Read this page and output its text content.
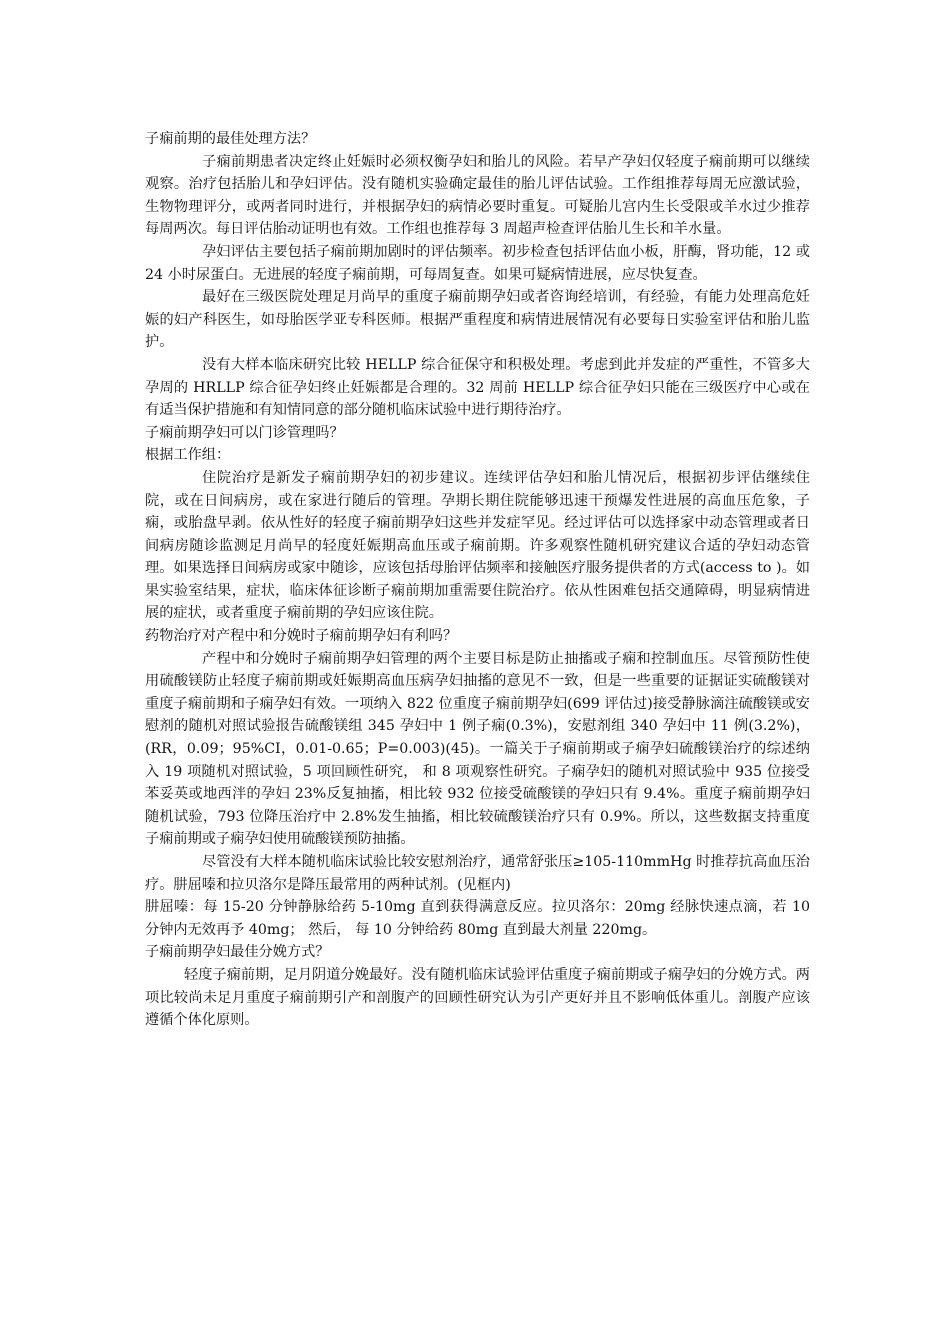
子痫前期的最佳处理方法？

子痫前期患者决定终止妊娠时必须权衡孕妇和胎儿的风险。若早产孕妇仅轻度子痫前期可以继续观察。治疗包括胎儿和孕妇评估。没有随机实验确定最佳的胎儿评估试验。工作组推荐每周无应激试验，生物物理评分，或两者同时进行，并根据孕妇的病情必要时重复。可疑胎儿宫内生长受限或羊水过少推荐每周两次。每日评估胎动证明也有效。工作组也推荐每 3 周超声检查评估胎儿生长和羊水量。

孕妇评估主要包括子痫前期加剧时的评估频率。初步检查包括评估血小板，肝酶，肾功能，12 或 24 小时尿蛋白。无进展的轻度子痫前期，可每周复查。如果可疑病情进展，应尽快复查。

最好在三级医院处理足月尚早的重度子痫前期孕妇或者咨询经培训，有经验，有能力处理高危妊娠的妇产科医生，如母胎医学亚专科医师。根据严重程度和病情进展情况有必要每日实验室评估和胎儿监护。

没有大样本临床研究比较 HELLP 综合征保守和积极处理。考虑到此并发症的严重性，不管多大孕周的 HRLLP 综合征孕妇终止妊娠都是合理的。32 周前 HELLP 综合征孕妇只能在三级医疗中心或在有适当保护措施和有知情同意的部分随机临床试验中进行期待治疗。

子痫前期孕妇可以门诊管理吗？

根据工作组：

住院治疗是新发子痫前期孕妇的初步建议。连续评估孕妇和胎儿情况后，根据初步评估继续住院，或在日间病房，或在家进行随后的管理。孕期长期住院能够迅速干预爆发性进展的高血压危象，子痫，或胎盘早剥。依从性好的轻度子痫前期孕妇这些并发症罕见。经过评估可以选择家中动态管理或者日间病房随诊监测足月尚早的轻度妊娠期高血压或子痫前期。许多观察性随机研究建议合适的孕妇动态管理。如果选择日间病房或家中随诊，应该包括母胎评估频率和接触医疗服务提供者的方式(access to )。如果实验室结果，症状，临床体征诊断子痫前期加重需要住院治疗。依从性困难包括交通障碍，明显病情进展的症状，或者重度子痫前期的孕妇应该住院。

药物治疗对产程中和分娩时子痫前期孕妇有利吗？

产程中和分娩时子痫前期孕妇管理的两个主要目标是防止抽搐或子痫和控制血压。尽管预防性使用硫酸镁防止轻度子痫前期或妊娠期高血压病孕妇抽搐的意见不一致，但是一些重要的证据证实硫酸镁对重度子痫前期和子痫孕妇有效。一项纳入 822 位重度子痫前期孕妇(699 评估过)接受静脉滴注硫酸镁或安慰剂的随机对照试验报告硫酸镁组 345 孕妇中 1 例子痫(0.3%)，安慰剂组 340 孕妇中 11 例(3.2%)，(RR，0.09；95%CI，0.01-0.65；P=0.003)(45)。一篇关于子痫前期或子痫孕妇硫酸镁治疗的综述纳入 19 项随机对照试验，5 项回顾性研究， 和 8 项观察性研究。子痫孕妇的随机对照试验中 935 位接受苯妥英或地西泮的孕妇 23%反复抽搐，相比较 932 位接受硫酸镁的孕妇只有 9.4%。重度子痫前期孕妇随机试验，793 位降压治疗中 2.8%发生抽搐，相比较硫酸镁治疗只有 0.9%。所以，这些数据支持重度子痫前期或子痫孕妇使用硫酸镁预防抽搐。

尽管没有大样本随机临床试验比较安慰剂治疗，通常舒张压≥105-110mmHg 时推荐抗高血压治疗。肼屈嗪和拉贝洛尔是降压最常用的两种试剂。(见框内)

肼屈嗪：每 15-20 分钟静脉给药 5-10mg 直到获得满意反应。拉贝洛尔：20mg 经脉快速点滴，若 10 分钟内无效再予 40mg； 然后， 每 10 分钟给药 80mg 直到最大剂量 220mg。

子痫前期孕妇最佳分娩方式？

轻度子痫前期，足月阴道分娩最好。没有随机临床试验评估重度子痫前期或子痫孕妇的分娩方式。两项比较尚未足月重度子痫前期引产和剖腹产的回顾性研究认为引产更好并且不影响低体重儿。剖腹产应该遵循个体化原则。
